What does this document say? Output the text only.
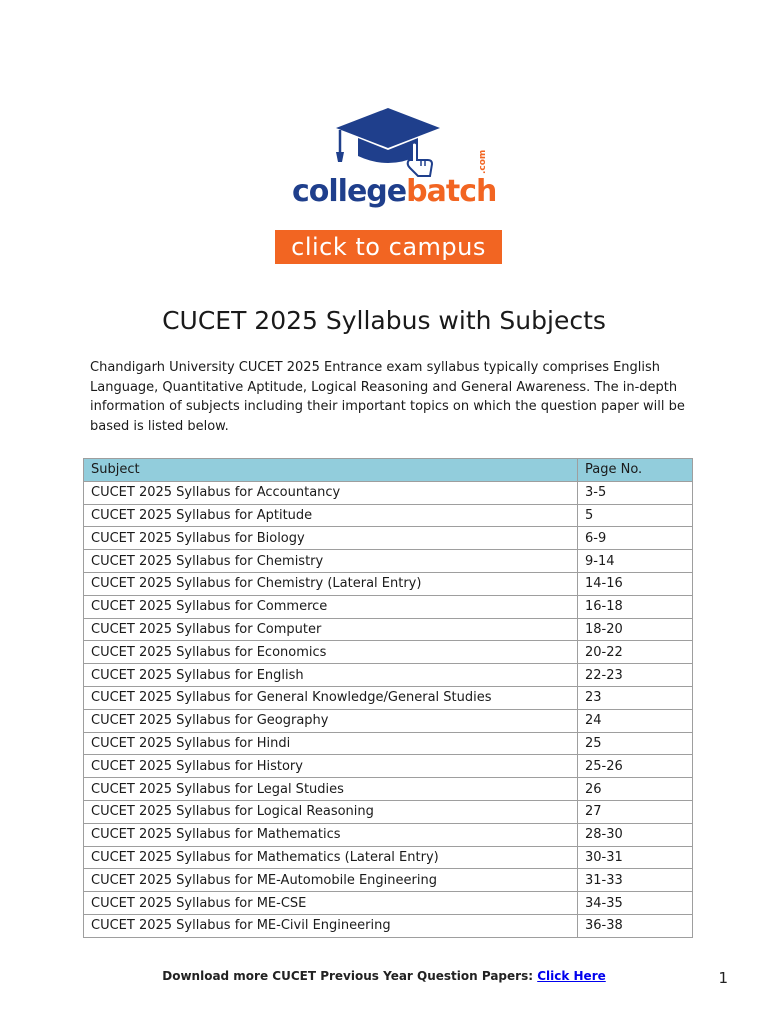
collegebatch
.com
click to campus
CUCET 2025 Syllabus with Subjects
Chandigarh University CUCET 2025 Entrance exam syllabus typically comprises English Language, Quantitative Aptitude, Logical Reasoning and General Awareness. The in-depth information of subjects including their important topics on which the question paper will be based is listed below.
Subject	Page No.
CUCET 2025 Syllabus for Accountancy	3-5
CUCET 2025 Syllabus for Aptitude	5
CUCET 2025 Syllabus for Biology	6-9
CUCET 2025 Syllabus for Chemistry	9-14
CUCET 2025 Syllabus for Chemistry (Lateral Entry)	14-16
CUCET 2025 Syllabus for Commerce	16-18
CUCET 2025 Syllabus for Computer	18-20
CUCET 2025 Syllabus for Economics	20-22
CUCET 2025 Syllabus for English	22-23
CUCET 2025 Syllabus for General Knowledge/General Studies	23
CUCET 2025 Syllabus for Geography	24
CUCET 2025 Syllabus for Hindi	25
CUCET 2025 Syllabus for History	25-26
CUCET 2025 Syllabus for Legal Studies	26
CUCET 2025 Syllabus for Logical Reasoning	27
CUCET 2025 Syllabus for Mathematics	28-30
CUCET 2025 Syllabus for Mathematics (Lateral Entry)	30-31
CUCET 2025 Syllabus for ME-Automobile Engineering	31-33
CUCET 2025 Syllabus for ME-CSE	34-35
CUCET 2025 Syllabus for ME-Civil Engineering	36-38
Download more CUCET Previous Year Question Papers: Click Here	1
